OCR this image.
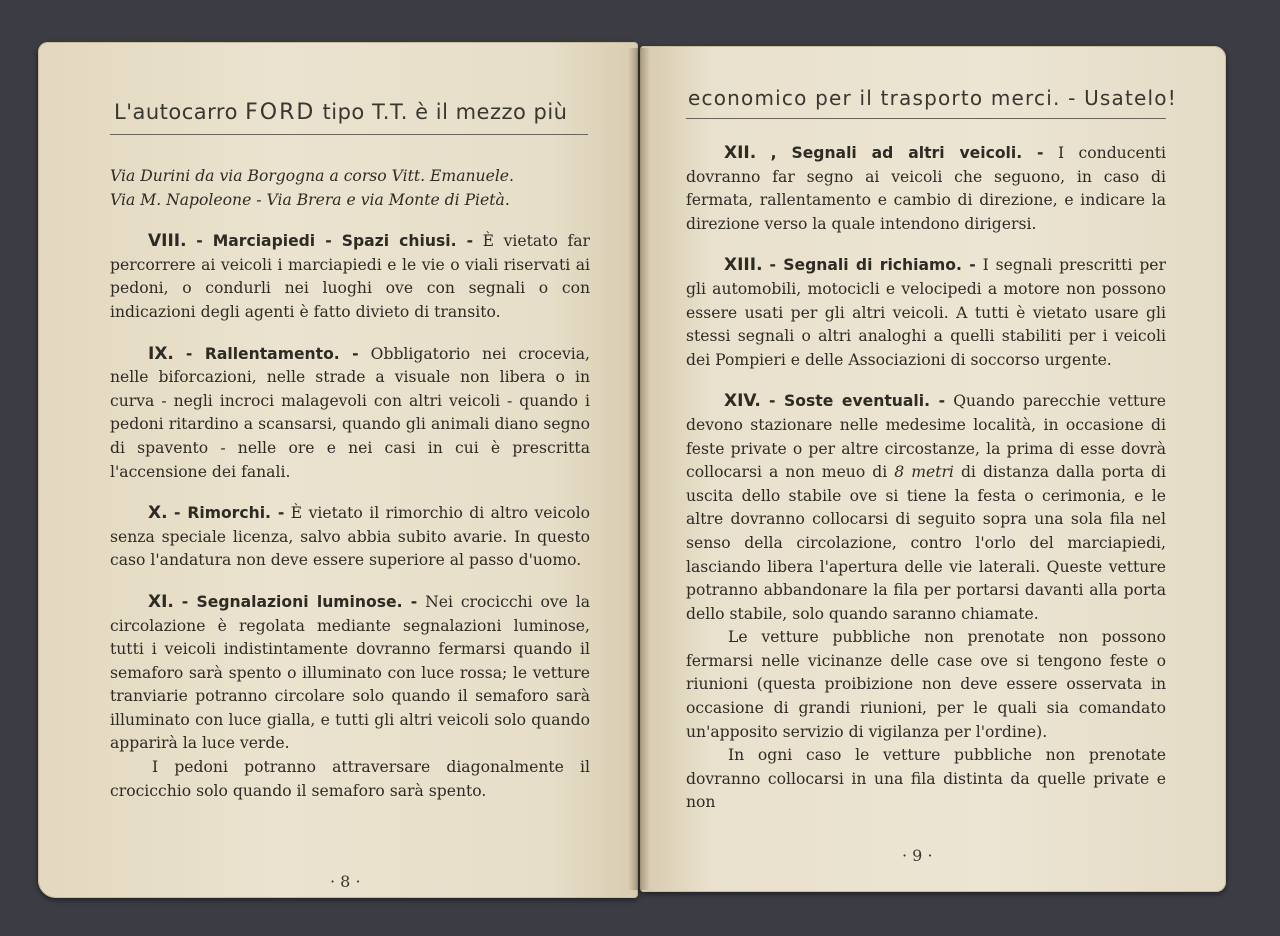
L'autocarro FORD tipo T.T. è il mezzo più
economico per il trasporto merci. - Usatelo!

Via Durini da via Borgogna a corso Vitt. Emanuele.

Via M. Napoleone - Via Brera e via Monte di Pietà.

VIII. - Marciapiedi - Spazi chiusi. - È vietato far percorrere ai veicoli i marciapiedi e le vie o viali riservati ai pedoni, o condurli nei luoghi ove con segnali o con indicazioni degli agenti è fatto divieto di transito.

IX. - Rallentamento. - Obbligatorio nei crocevia, nelle biforcazioni, nelle strade a visuale non libera o in curva - negli incroci malagevoli con altri veicoli - quando i pedoni ritardino a scansarsi, quando gli animali diano segno di spavento - nelle ore e nei casi in cui è prescritta l'accensione dei fanali.

X. - Rimorchi. - È vietato il rimorchio di altro veicolo senza speciale licenza, salvo abbia subito avarie. In questo caso l'andatura non deve essere superiore al passo d'uomo.

XI. - Segnalazioni luminose. - Nei crocicchi ove la circolazione è regolata mediante segnalazioni luminose, tutti i veicoli indistintamente dovranno fermarsi quando il semaforo sarà spento o illuminato con luce rossa; le vetture tranviarie potranno circolare solo quando il semaforo sarà illuminato con luce gialla, e tutti gli altri veicoli solo quando apparirà la luce verde.

I pedoni potranno attraversare diagonalmente il crocicchio solo quando il semaforo sarà spento.

XII. , Segnali ad altri veicoli. - I conducenti dovranno far segno ai veicoli che seguono, in caso di fermata, rallentamento e cambio di direzione, e indicare la direzione verso la quale intendono dirigersi.

XIII. - Segnali di richiamo. - I segnali prescritti per gli automobili, motocicli e velocipedi a motore non possono essere usati per gli altri veicoli. A tutti è vietato usare gli stessi segnali o altri analoghi a quelli stabiliti per i veicoli dei Pompieri e delle Associazioni di soccorso urgente.

XIV. - Soste eventuali. - Quando parecchie vetture devono stazionare nelle medesime località, in occasione di feste private o per altre circostanze, la prima di esse dovrà collocarsi a non meuo di 8 metri di distanza dalla porta di uscita dello stabile ove si tiene la festa o cerimonia, e le altre dovranno collocarsi di seguito sopra una sola fila nel senso della circolazione, contro l'orlo del marciapiedi, lasciando libera l'apertura delle vie laterali. Queste vetture potranno abbandonare la fila per portarsi davanti alla porta dello stabile, solo quando saranno chiamate.

Le vetture pubbliche non prenotate non possono fermarsi nelle vicinanze delle case ove si tengono feste o riunioni (questa proibizione non deve essere osservata in occasione di grandi riunioni, per le quali sia comandato un'apposito servizio di vigilanza per l'ordine).

In ogni caso le vetture pubbliche non prenotate dovranno collocarsi in una fila distinta da quelle private e non

· 8 ·
· 9 ·
